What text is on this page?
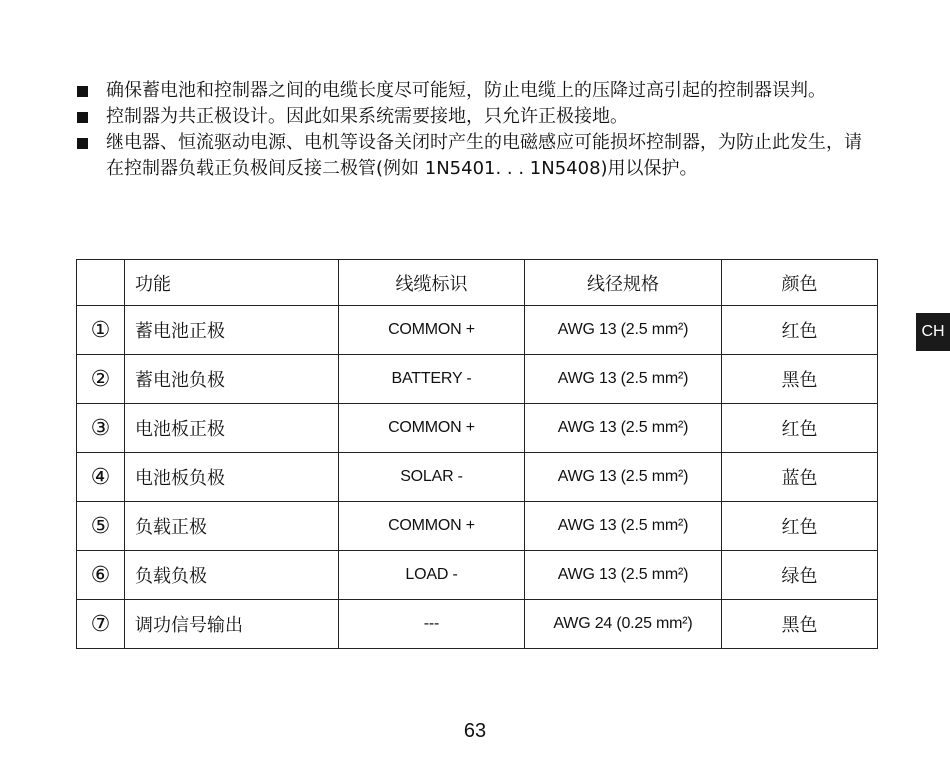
确保蓄电池和控制器之间的电缆长度尽可能短，防止电缆上的压降过高引起的控制器误判。
控制器为共正极设计。因此如果系统需要接地，只允许正极接地。
继电器、恒流驱动电源、电机等设备关闭时产生的电磁感应可能损坏控制器，为防止此发生，请在控制器负载正负极间反接二极管(例如 1N5401. . . 1N5408)用以保护。
	功能	线缆标识	线径规格	颜色
①	蓄电池正极	COMMON +	AWG 13 (2.5 mm²)	红色
②	蓄电池负极	BATTERY -	AWG 13 (2.5 mm²)	黑色
③	电池板正极	COMMON +	AWG 13 (2.5 mm²)	红色
④	电池板负极	SOLAR -	AWG 13 (2.5 mm²)	蓝色
⑤	负载正极	COMMON +	AWG 13 (2.5 mm²)	红色
⑥	负载负极	LOAD -	AWG 13 (2.5 mm²)	绿色
⑦	调功信号输出	---	AWG 24 (0.25 mm²)	黑色
CH
63
